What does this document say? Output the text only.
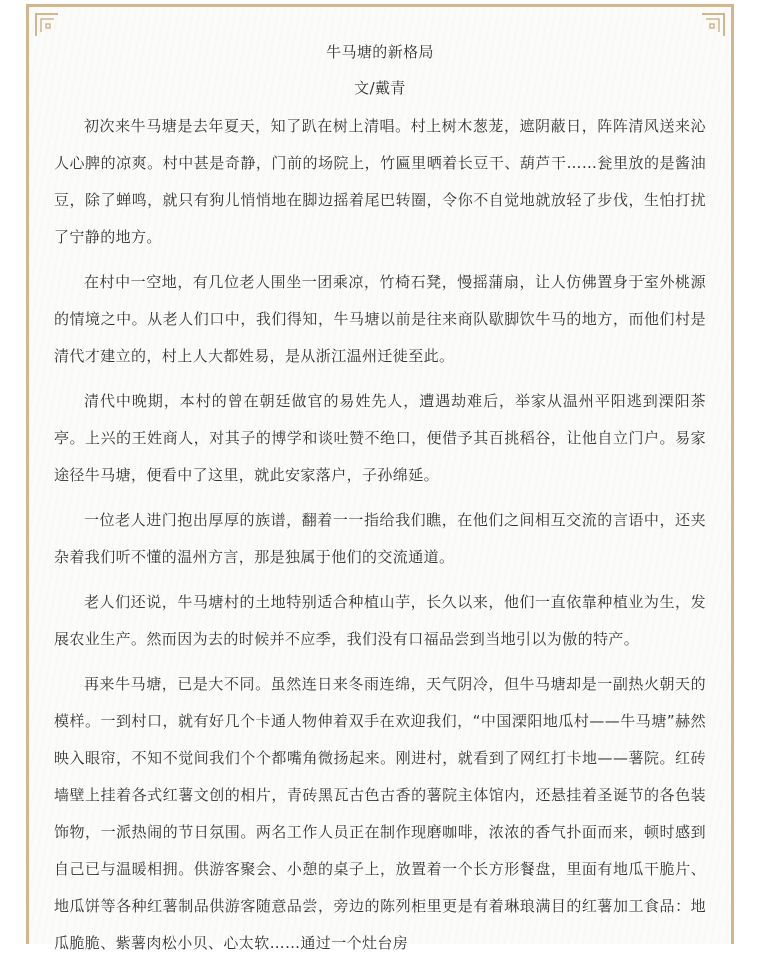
牛马塘的新格局
文/戴青

初次来牛马塘是去年夏天，知了趴在树上清唱。村上树木葱茏，遮阴蔽日，阵阵清风送来沁人心脾的凉爽。村中甚是奇静，门前的场院上，竹匾里晒着长豆干、葫芦干……瓮里放的是酱油豆，除了蝉鸣，就只有狗儿悄悄地在脚边摇着尾巴转圈，令你不自觉地就放轻了步伐，生怕打扰了宁静的地方。

在村中一空地，有几位老人围坐一团乘凉，竹椅石凳，慢摇蒲扇，让人仿佛置身于室外桃源的情境之中。从老人们口中，我们得知，牛马塘以前是往来商队歇脚饮牛马的地方，而他们村是清代才建立的，村上人大都姓易，是从浙江温州迁徙至此。

清代中晚期，本村的曾在朝廷做官的易姓先人，遭遇劫难后，举家从温州平阳逃到溧阳茶亭。上兴的王姓商人，对其子的博学和谈吐赞不绝口，便借予其百挑稻谷，让他自立门户。易家途径牛马塘，便看中了这里，就此安家落户，子孙绵延。

一位老人进门抱出厚厚的族谱，翻着一一指给我们瞧，在他们之间相互交流的言语中，还夹杂着我们听不懂的温州方言，那是独属于他们的交流通道。

老人们还说，牛马塘村的土地特别适合种植山芋，长久以来，他们一直依靠种植业为生，发展农业生产。然而因为去的时候并不应季，我们没有口福品尝到当地引以为傲的特产。

再来牛马塘，已是大不同。虽然连日来冬雨连绵，天气阴冷，但牛马塘却是一副热火朝天的模样。一到村口，就有好几个卡通人物伸着双手在欢迎我们，“中国溧阳地瓜村——牛马塘”赫然映入眼帘，不知不觉间我们个个都嘴角微扬起来。刚进村，就看到了网红打卡地——薯院。红砖墙壁上挂着各式红薯文创的相片，青砖黑瓦古色古香的薯院主体馆内，还悬挂着圣诞节的各色装饰物，一派热闹的节日氛围。两名工作人员正在制作现磨咖啡，浓浓的香气扑面而来，顿时感到自己已与温暖相拥。供游客聚会、小憩的桌子上，放置着一个长方形餐盘，里面有地瓜干脆片、地瓜饼等各种红薯制品供游客随意品尝，旁边的陈列柜里更是有着琳琅满目的红薯加工食品：地瓜脆脆、紫薯肉松小贝、心太软……通过一个灶台房
